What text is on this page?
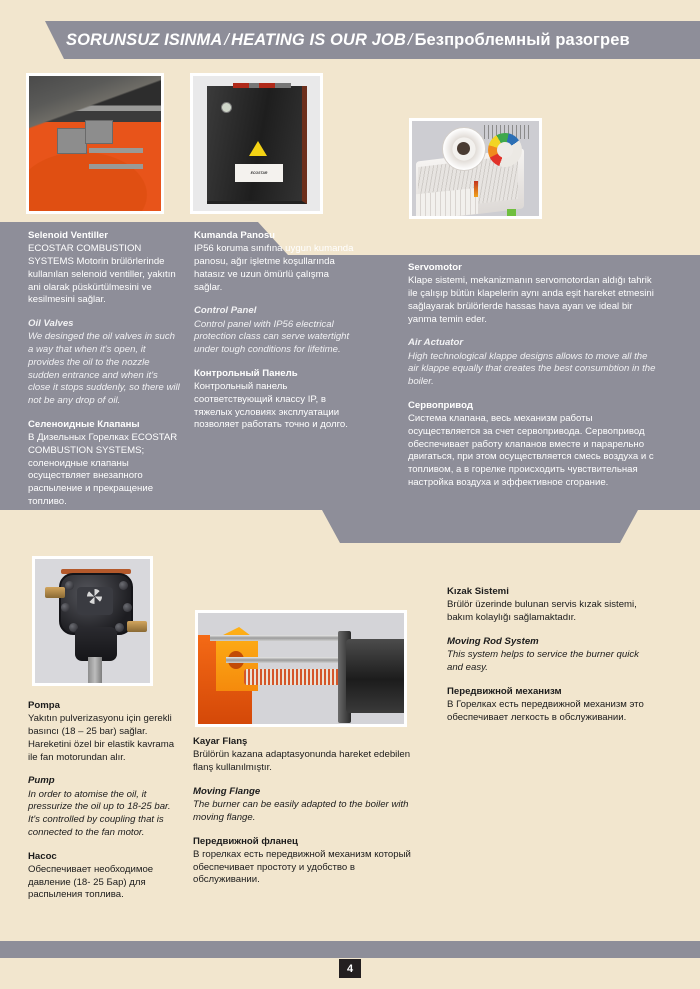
SORUNSUZ ISINMA / HEATING IS OUR JOB / Безпроблемный разогрев
ECOSTAR
Selenoid Ventiller

ECOSTAR COMBUSTION SYSTEMS Motorin brülörlerinde kullanılan selenoid ventiller, yakıtın ani olarak püskürtülmesini ve kesilmesini sağlar.

Oil Valves

We desinged the oil valves in such a way that when it's open, it provides the oil to the nozzle sudden entrance and when it's close it stops suddenly, so there will not be any drop of oil.

Селеноидные Клапаны

В Дизельных Горелках ECOSTAR COMBUSTION SYSTEMS; соленоидные клапаны осуществляет внезапного распыление и прекращение топливо.

Kumanda Panosu

IP56 koruma sınıfına uygun kumanda panosu, ağır işletme koşullarında hatasız ve uzun ömürlü çalışma sağlar.

Control Panel

Control panel with IP56 electrical protection class can serve watertight under tough conditions for lifetime.

Контрольный Панель

Контрольный панель соответствующий классу IP, в тяжелых условиях эксплуатации позволяет работать точно и долго.

Servomotor

Klape sistemi, mekanizmanın servomotordan aldığı tahrik ile çalışıp bütün klapelerin aynı anda eşit hareket etmesini sağlayarak brülörlerde hassas hava ayarı ve ideal bir yanma temin eder.

Air Actuator

High technological klappe designs allows to move all the air klappe equally that creates the best consumbtion in the boiler.

Сервопривод

Система клапана, весь механизм работы осуществляется за счет сервопривода. Сервопривод обеспечивает работу клапанов вместе и парарельно двигаться, при этом осуществляется смесь воздуха и с топливом, а в горелке происходить чувствительная настройка воздуха и эффективное сгорание.

Pompa

Yakıtın pulverizasyonu için gerekli basıncı (18 – 25 bar) sağlar. Hareketini özel bir elastik kavrama ile fan motorundan alır.

Pump

In order to atomise the oil, it pressurize the oil up to 18-25 bar. It's controlled by coupling that is connected to the fan motor.

Насос

Обеспечивает необходимое давление (18- 25 Бар) для распыления топлива.

Kayar Flanş

Brülörün kazana adaptasyonunda hareket edebilen flanş kullanılmıştır.

Moving Flange

The burner can be easily adapted to the boiler with moving flange.

Передвижной фланец

В горелках есть передвижной механизм который обеспечивает простоту и удобство в обслуживании.

Kızak Sistemi

Brülör üzerinde bulunan servis kızak sistemi, bakım kolaylığı sağlamaktadır.

Moving Rod System

This system helps to service the burner quick and easy.

Передвижной механизм

В Горелках есть передвижной механизм это обеспечивает легкость в обслуживании.

4
